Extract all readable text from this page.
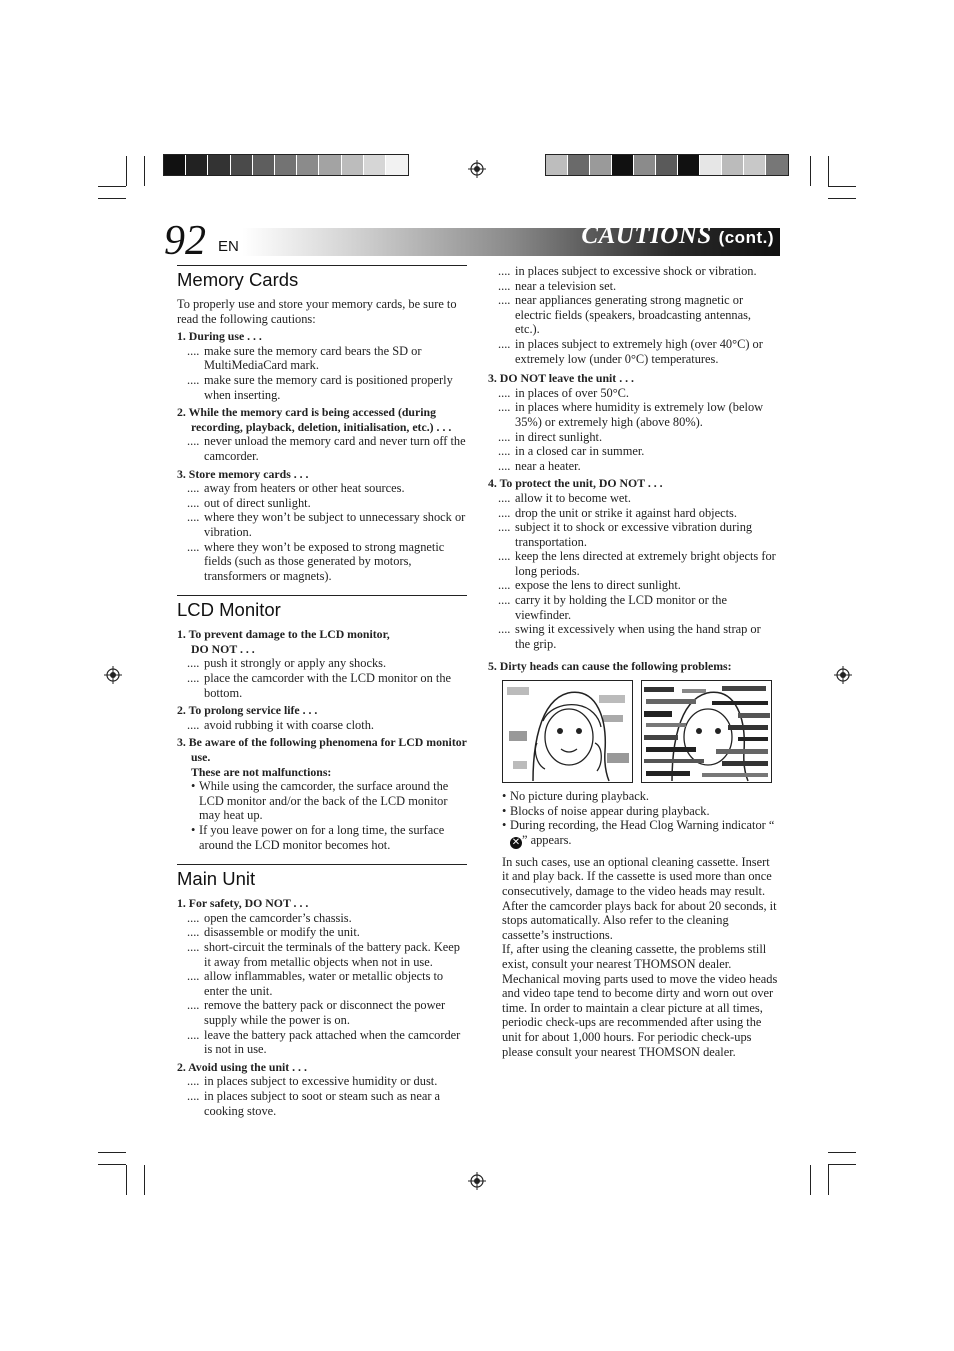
92 EN	CAUTIONS (cont.)
Memory Cards

To properly use and store your memory cards, be sure to read the following cautions:

1. During use . . .
.... make sure the memory card bears the SD or MultiMediaCard mark.
.... make sure the memory card is positioned properly when inserting.
2. While the memory card is being accessed (during recording, playback, deletion, initialisation, etc.) . . .
.... never unload the memory card and never turn off the camcorder.
3. Store memory cards . . .
.... away from heaters or other heat sources.
.... out of direct sunlight.
.... where they won’t be subject to unnecessary shock or vibration.
.... where they won’t be exposed to strong magnetic fields (such as those generated by motors, transformers or magnets).
LCD Monitor
1. To prevent damage to the LCD monitor,
DO NOT . . .
.... push it strongly or apply any shocks.
.... place the camcorder with the LCD monitor on the bottom.
2. To prolong service life . . .
.... avoid rubbing it with coarse cloth.
3. Be aware of the following phenomena for LCD monitor use.
These are not malfunctions:
• While using the camcorder, the surface around the LCD monitor and/or the back of the LCD monitor may heat up.
• If you leave power on for a long time, the surface around the LCD monitor becomes hot.
Main Unit
1. For safety, DO NOT . . .
.... open the camcorder’s chassis.
.... disassemble or modify the unit.
.... short-circuit the terminals of the battery pack. Keep it away from metallic objects when not in use.
.... allow inflammables, water or metallic objects to enter the unit.
.... remove the battery pack or disconnect the power supply while the power is on.
.... leave the battery pack attached when the camcorder is not in use.
2. Avoid using the unit . . .
.... in places subject to excessive humidity or dust.
.... in places subject to soot or steam such as near a cooking stove.
.... in places subject to excessive shock or vibration.
.... near a television set.
.... near appliances generating strong magnetic or electric fields (speakers, broadcasting antennas, etc.).
.... in places subject to extremely high (over 40°C) or extremely low (under 0°C) temperatures.
3. DO NOT leave the unit . . .
.... in places of over 50°C.
.... in places where humidity is extremely low (below 35%) or extremely high (above 80%).
.... in direct sunlight.
.... in a closed car in summer.
.... near a heater.
4. To protect the unit, DO NOT . . .
.... allow it to become wet.
.... drop the unit or strike it against hard objects.
.... subject it to shock or excessive vibration during transportation.
.... keep the lens directed at extremely bright objects for long periods.
.... expose the lens to direct sunlight.
.... carry it by holding the LCD monitor or the viewfinder.
.... swing it excessively when using the hand strap or the grip.
5. Dirty heads can cause the following problems:
• No picture during playback.
• Blocks of noise appear during playback.
• During recording, the Head Clog Warning indicator “✕ ” appears.

In such cases, use an optional cleaning cassette. Insert it and play back. If the cassette is used more than once consecutively, damage to the video heads may result. After the camcorder plays back for about 20 seconds, it stops automatically. Also refer to the cleaning cassette’s instructions.

If, after using the cleaning cassette, the problems still exist, consult your nearest THOMSON dealer.

Mechanical moving parts used to move the video heads and video tape tend to become dirty and worn out over time. In order to maintain a clear picture at all times, periodic check-ups are recommended after using the unit for about 1,000 hours. For periodic check-ups please consult your nearest THOMSON dealer.
